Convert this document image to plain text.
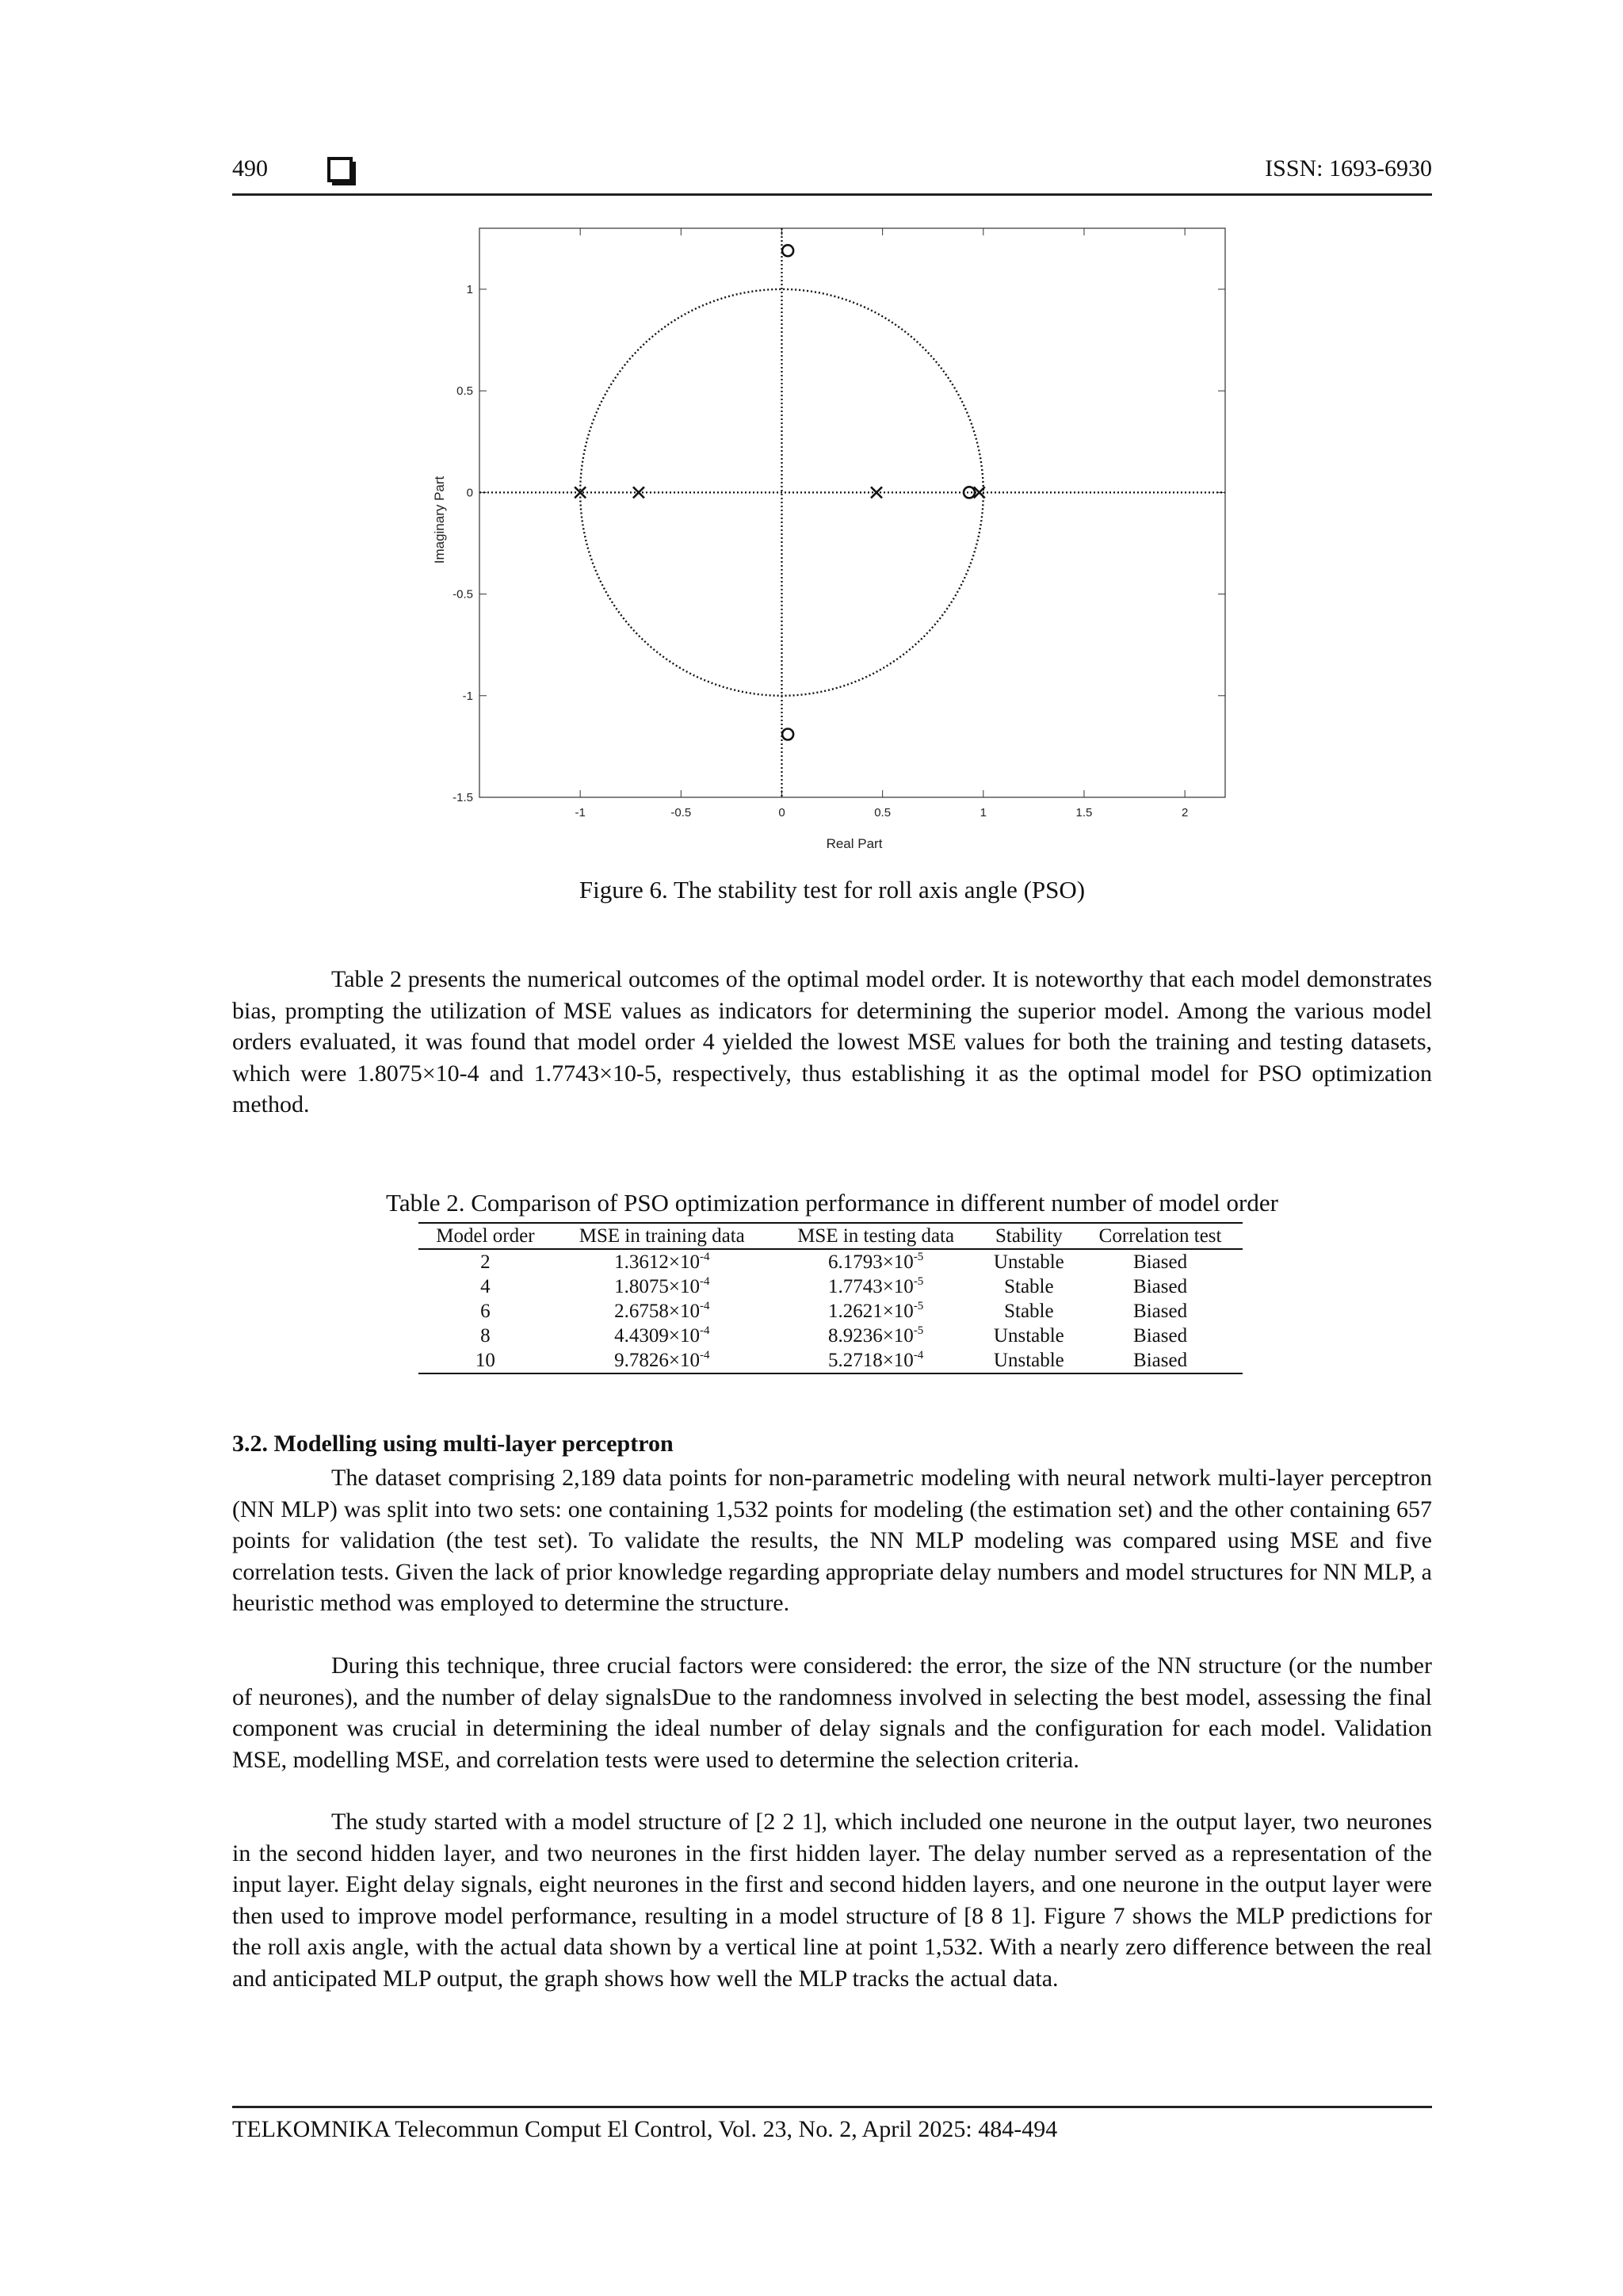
490	ISSN: 1693-6930
-1	-0.5	0	0.5	1	1.5	2
-1.5
-1
-0.5
0
0.5
1
Real Part
Imaginary Part
Figure 6. The stability test for roll axis angle (PSO)

Table 2 presents the numerical outcomes of the optimal model order. It is noteworthy that each model demonstrates bias, prompting the utilization of MSE values as indicators for determining the superior model. Among the various model orders evaluated, it was found that model order 4 yielded the lowest MSE values for both the training and testing datasets, which were 1.8075×10-4 and 1.7743×10-5, respectively, thus establishing it as the optimal model for PSO optimization method.

Table 2. Comparison of PSO optimization performance in different number of model order
Model order	MSE in training data	MSE in testing data	Stability	Correlation test
2	$1.3612\times 10^{-4}$	$6.1793\times 10^{-5}$	Unstable	Biased
4	$1.8075\times 10^{-4}$	$1.7743\times 10^{-5}$	Stable	Biased
6	$2.6758\times 10^{-4}$	$1.2621\times 10^{-5}$	Stable	Biased
8	$4.4309\times 10^{-4}$	$8.9236\times 10^{-5}$	Unstable	Biased
10	$9.7826\times 10^{-4}$	$5.2718\times 10^{-4}$	Unstable	Biased
3.2. Modelling using multi-layer perceptron

The dataset comprising 2,189 data points for non-parametric modeling with neural network multi-layer perceptron (NN MLP) was split into two sets: one containing 1,532 points for modeling (the estimation set) and the other containing 657 points for validation (the test set). To validate the results, the NN MLP modeling was compared using MSE and five correlation tests. Given the lack of prior knowledge regarding appropriate delay numbers and model structures for NN MLP, a heuristic method was employed to determine the structure.

During this technique, three crucial factors were considered: the error, the size of the NN structure (or the number of neurones), and the number of delay signalsDue to the randomness involved in selecting the best model, assessing the final component was crucial in determining the ideal number of delay signals and the configuration for each model. Validation MSE, modelling MSE, and correlation tests were used to determine the selection criteria.

The study started with a model structure of [2 2 1], which included one neurone in the output layer, two neurones in the second hidden layer, and two neurones in the first hidden layer. The delay number served as a representation of the input layer. Eight delay signals, eight neurones in the first and second hidden layers, and one neurone in the output layer were then used to improve model performance, resulting in a model structure of [8 8 1]. Figure 7 shows the MLP predictions for the roll axis angle, with the actual data shown by a vertical line at point 1,532. With a nearly zero difference between the real and anticipated MLP output, the graph shows how well the MLP tracks the actual data.

TELKOMNIKA Telecommun Comput El Control, Vol. 23, No. 2, April 2025: 484-494
